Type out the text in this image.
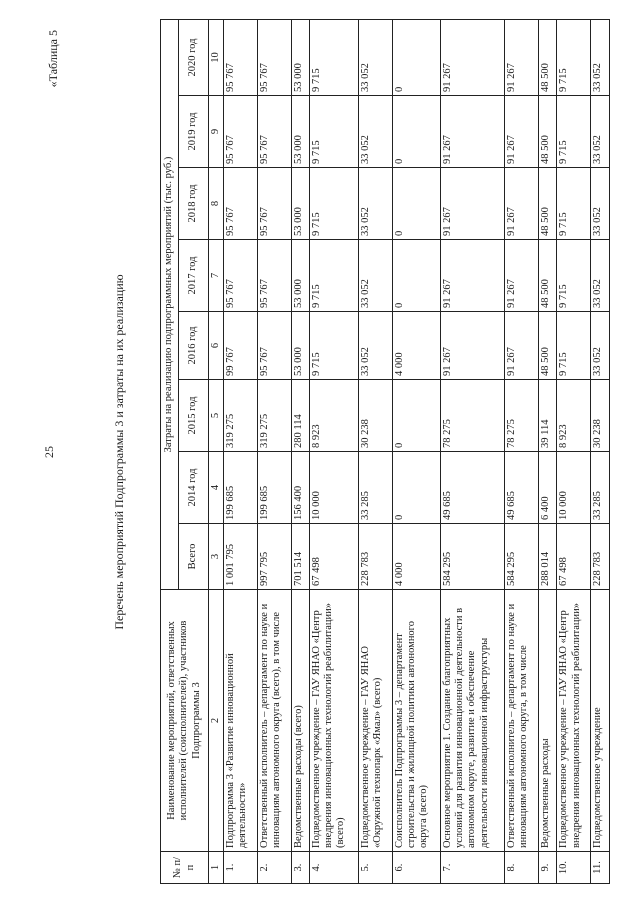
25
«Таблица 5
Перечень мероприятий Подпрограммы 3 и затраты на их реализацию
№ п/п	Наименование мероприятий, ответственных исполнителей (соисполнителей), участников Подпрограммы 3	Затраты на реализацию подпрограммных мероприятий (тыс. руб.)							
		Всего	2014 год	2015 год	2016 год	2017 год	2018 год	2019 год	2020 год
1	2	3	4	5	6	7	8	9	10
1.	Подпрограмма 3 «Развитие инновационной деятельности»	1 001 795	199 685	319 275	99 767	95 767	95 767	95 767	95 767
2.	Ответственный исполнитель – департамент по науке и инновациям автономного округа (всего), в том числе	997 795	199 685	319 275	95 767	95 767	95 767	95 767	95 767
3.	Ведомственные расходы (всего)	701 514	156 400	280 114	53 000	53 000	53 000	53 000	53 000
4.	Подведомственное учреждение – ГАУ ЯНАО «Центр внедрения инновационных технологий реабилитации» (всего)	67 498	10 000	8 923	9 715	9 715	9 715	9 715	9 715
5.	Подведомственное учреждение – ГАУ ЯНАО «Окружной технопарк «Ямал» (всего)	228 783	33 285	30 238	33 052	33 052	33 052	33 052	33 052
6.	Соисполнитель Подпрограммы 3 – департамент строительства и жилищной политики автономного округа (всего)	4 000	0	0	4 000	0	0	0	0
7.	Основное мероприятие 1. Создание благоприятных условий для развития инновационной деятельности в автономном округе, развитие и обеспечение деятельности инновационной инфраструктуры	584 295	49 685	78 275	91 267	91 267	91 267	91 267	91 267
8.	Ответственный исполнитель – департамент по науке и инновациям автономного округа, в том числе	584 295	49 685	78 275	91 267	91 267	91 267	91 267	91 267
9.	Ведомственные расходы	288 014	6 400	39 114	48 500	48 500	48 500	48 500	48 500
10.	Подведомственное учреждение – ГАУ ЯНАО «Центр внедрения инновационных технологий реабилитации»	67 498	10 000	8 923	9 715	9 715	9 715	9 715	9 715
11.	Подведомственное учреждение	228 783	33 285	30 238	33 052	33 052	33 052	33 052	33 052
